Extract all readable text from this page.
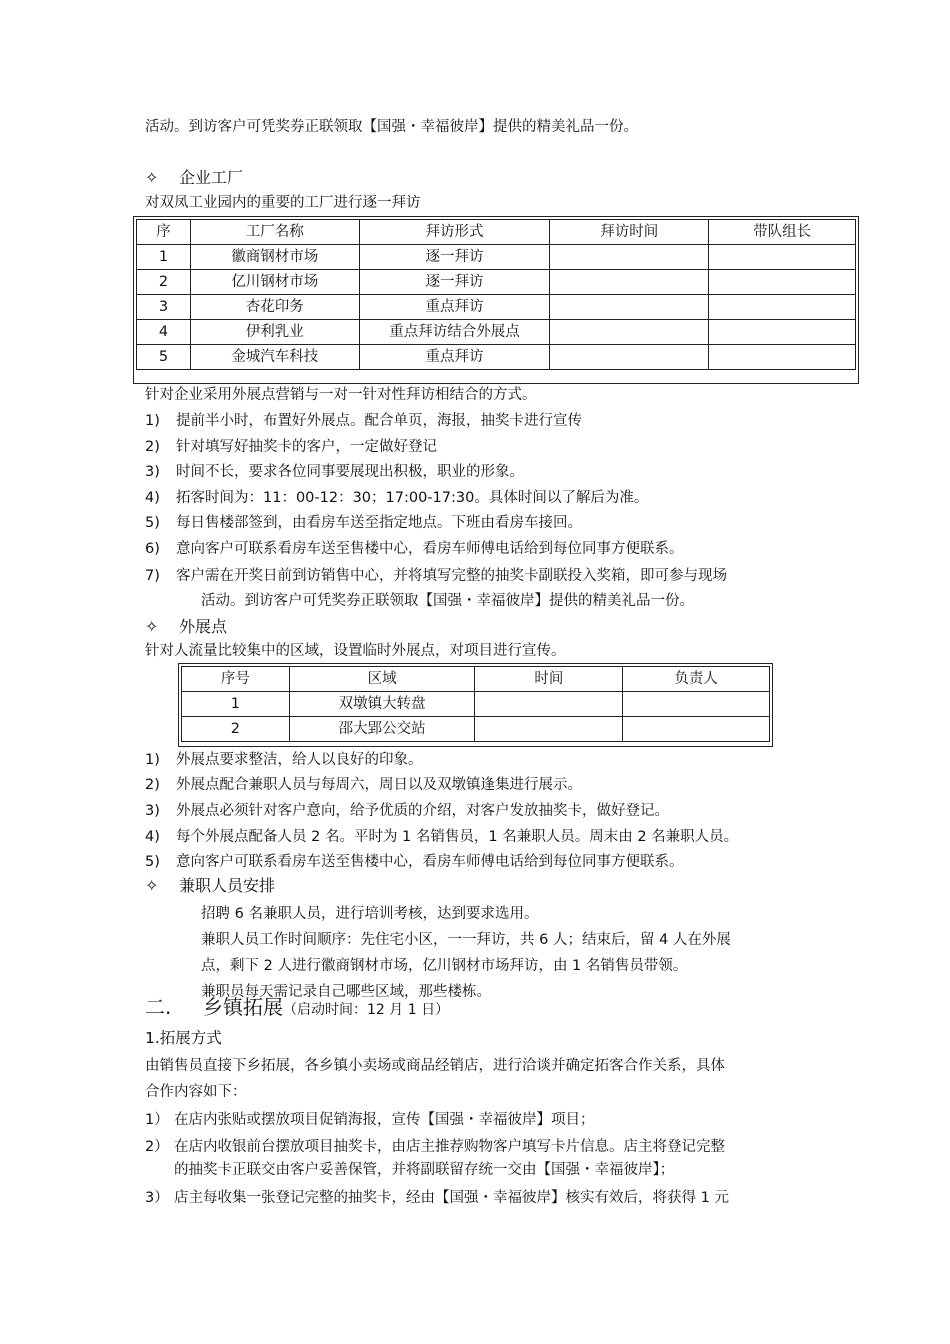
活动。到访客户可凭奖券正联领取【国强・幸福彼岸】提供的精美礼品一份。
✧ 企业工厂
对双凤工业园内的重要的工厂进行逐一拜访
序	工厂名称	拜访形式	拜访时间	带队组长
1	徽商钢材市场	逐一拜访		
2	亿川钢材市场	逐一拜访		
3	杏花印务	重点拜访		
4	伊利乳业	重点拜访结合外展点		
5	金城汽车科技	重点拜访		
针对企业采用外展点营销与一对一针对性拜访相结合的方式。
1) 提前半小时，布置好外展点。配合单页，海报，抽奖卡进行宣传
2) 针对填写好抽奖卡的客户，一定做好登记
3) 时间不长，要求各位同事要展现出积极，职业的形象。
4) 拓客时间为：11：00-12：30；17:00-17:30。具体时间以了解后为准。
5) 每日售楼部签到，由看房车送至指定地点。下班由看房车接回。
6) 意向客户可联系看房车送至售楼中心，看房车师傅电话给到每位同事方便联系。
7) 客户需在开奖日前到访销售中心，并将填写完整的抽奖卡副联投入奖箱，即可参与现场
活动。到访客户可凭奖券正联领取【国强・幸福彼岸】提供的精美礼品一份。
✧ 外展点
针对人流量比较集中的区域，设置临时外展点，对项目进行宣传。
序号	区域	时间	负责人
1	双墩镇大转盘		
2	邵大郢公交站		
1) 外展点要求整洁，给人以良好的印象。
2) 外展点配合兼职人员与每周六，周日以及双墩镇逢集进行展示。
3) 外展点必须针对客户意向，给予优质的介绍，对客户发放抽奖卡，做好登记。
4) 每个外展点配备人员 2 名。平时为 1 名销售员，1 名兼职人员。周末由 2 名兼职人员。
5) 意向客户可联系看房车送至售楼中心，看房车师傅电话给到每位同事方便联系。
✧ 兼职人员安排
招聘 6 名兼职人员，进行培训考核，达到要求选用。
兼职人员工作时间顺序：先住宅小区，一一拜访，共 6 人；结束后，留 4 人在外展
点，剩下 2 人进行徽商钢材市场，亿川钢材市场拜访，由 1 名销售员带领。
兼职员每天需记录自己哪些区域，那些楼栋。
二. 乡镇拓展（启动时间：12 月 1 日）
1.拓展方式
由销售员直接下乡拓展，各乡镇小卖场或商品经销店，进行洽谈并确定拓客合作关系，具体
合作内容如下：
1） 在店内张贴或摆放项目促销海报，宣传【国强・幸福彼岸】项目；
2） 在店内收银前台摆放项目抽奖卡，由店主推荐购物客户填写卡片信息。店主将登记完整
的抽奖卡正联交由客户妥善保管，并将副联留存统一交由【国强・幸福彼岸】；
3） 店主每收集一张登记完整的抽奖卡，经由【国强・幸福彼岸】核实有效后，将获得 1 元
